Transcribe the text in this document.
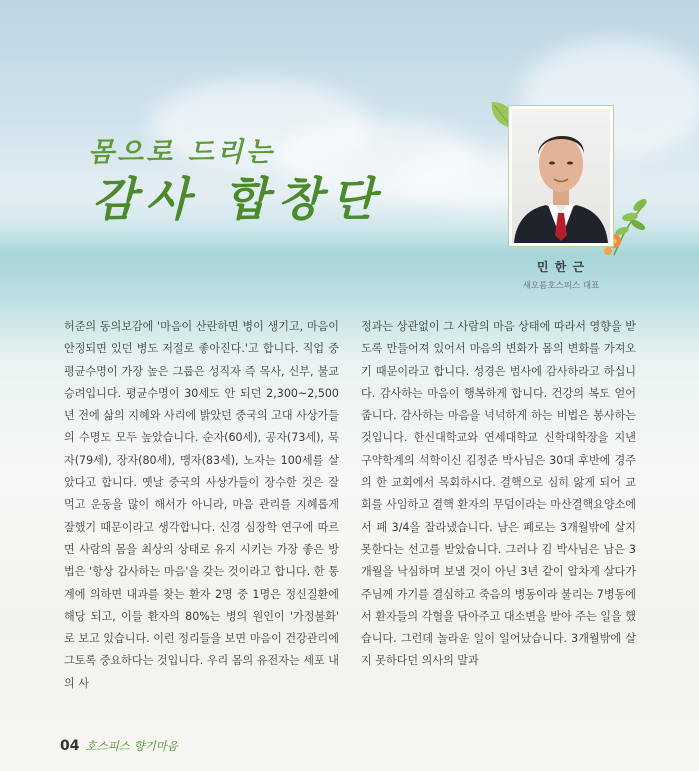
몸으로 드리는
감사 합창단
민 한 근
새오름호스피스 대표

허준의 동의보감에 '마음이 산란하면 병이 생기고, 마음이 안정되면 있던 병도 저절로 좋아진다.'고 합니다. 직업 중 평균수명이 가장 높은 그룹은 성직자 즉 목사, 신부, 불교 승려입니다. 평균수명이 30세도 안 되던 2,300~2,500년 전에 삶의 지혜와 사리에 밝았던 중국의 고대 사상가들의 수명도 모두 높았습니다. 순자(60세), 공자(73세), 묵자(79세), 장자(80세), 맹자(83세), 노자는 100세를 살았다고 합니다. 옛날 중국의 사상가들이 장수한 것은 잘 먹고 운동을 많이 해서가 아니라, 마음 관리를 지혜롭게 잘했기 때문이라고 생각합니다. 신경 심장학 연구에 따르면 사람의 몸을 최상의 상태로 유지 시키는 가장 좋은 방법은 '항상 감사하는 마음'을 갖는 것이라고 합니다. 한 통계에 의하면 내과를 찾는 환자 2명 중 1명은 정신질환에 해당 되고, 이들 환자의 80%는 병의 원인이 '가정불화' 로 보고 있습니다. 이런 정리들을 보면 마음이 건강관리에 그토록 중요하다는 것입니다. 우리 몸의 유전자는 세포 내의 사

정과는 상관없이 그 사람의 마음 상태에 따라서 영향을 받도록 만들어져 있어서 마음의 변화가 몸의 변화를 가져오기 때문이라고 합니다. 성경은 범사에 감사하라고 하십니다. 감사하는 마음이 행복하게 합니다. 건강의 복도 얻어줍니다. 감사하는 마음을 넉넉하게 하는 비법은 봉사하는 것입니다. 한신대학교와 연세대학교 신학대학장을 지낸 구약학계의 석학이신 김정준 박사님은 30대 후반에 경주의 한 교회에서 목회하시다. 결핵으로 심히 앓게 되어 교회를 사임하고 결핵 환자의 무덤이라는 마산결핵요양소에서 폐 3/4을 잘라냈습니다. 남은 폐로는 3개월밖에 살지 못한다는 선고를 받았습니다. 그러나 김 박사님은 남은 3개월을 낙심하며 보낼 것이 아닌 3년 같이 알차게 살다가 주님께 가기를 결심하고 죽음의 병동이라 불리는 7병동에서 환자들의 각혈을 닦아주고 대소변을 받아 주는 일을 했습니다. 그런데 놀라운 일이 일어났습니다. 3개월밖에 살지 못하다던 의사의 말과

04 호스피스 향기마음
